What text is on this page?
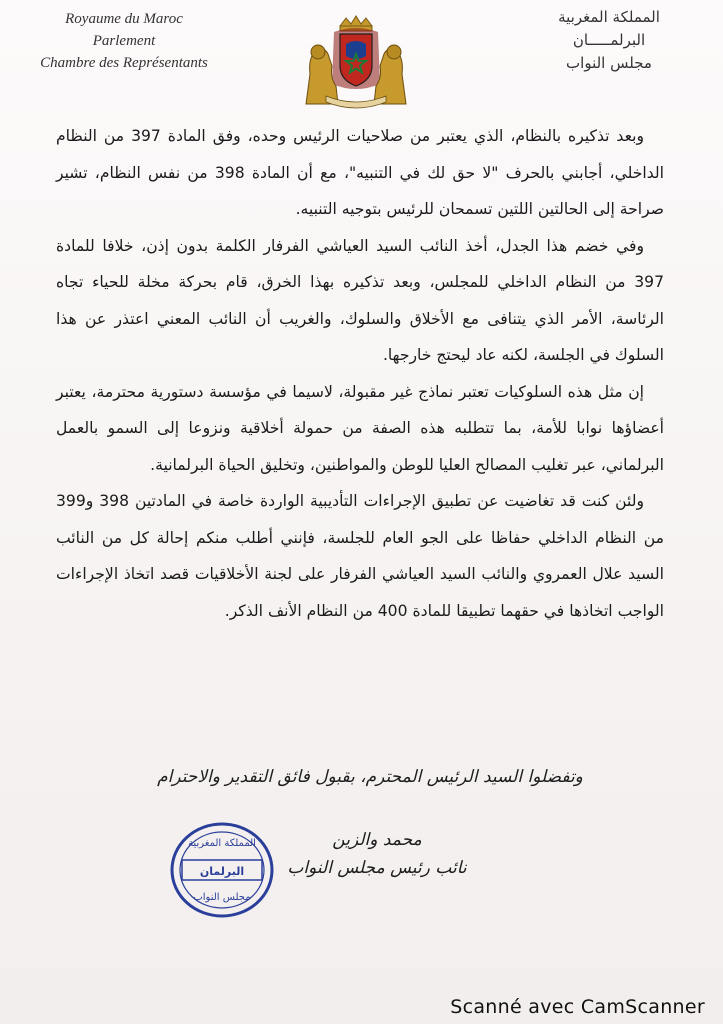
Royaume du Maroc
Parlement
Chambre des Représentants
المملكة المغربية
البرلمـــــان
مجلس النواب

وبعد تذكيره بالنظام، الذي يعتبر من صلاحيات الرئيس وحده، وفق المادة 397 من النظام الداخلي، أجابني بالحرف "لا حق لك في التنبيه"، مع أن المادة 398 من نفس النظام، تشير صراحة إلى الحالتين اللتين تسمحان للرئيس بتوجيه التنبيه.

وفي خضم هذا الجدل، أخذ النائب السيد العياشي الفرفار الكلمة بدون إذن، خلافا للمادة 397 من النظام الداخلي للمجلس، وبعد تذكيره بهذا الخرق، قام بحركة مخلة للحياء تجاه الرئاسة، الأمر الذي يتنافى مع الأخلاق والسلوك، والغريب أن النائب المعني اعتذر عن هذا السلوك في الجلسة، لكنه عاد ليحتج خارجها.

إن مثل هذه السلوكيات تعتبر نماذج غير مقبولة، لاسيما في مؤسسة دستورية محترمة، يعتبر أعضاؤها نوابا للأمة، بما تتطلبه هذه الصفة من حمولة أخلاقية ونزوعا إلى السمو بالعمل البرلماني، عبر تغليب المصالح العليا للوطن والمواطنين، وتخليق الحياة البرلمانية.

ولئن كنت قد تغاضيت عن تطبيق الإجراءات التأديبية الواردة خاصة في المادتين 398 و399 من النظام الداخلي حفاظا على الجو العام للجلسة، فإنني أطلب منكم إحالة كل من النائب السيد علال العمروي والنائب السيد العياشي الفرفار على لجنة الأخلاقيات قصد اتخاذ الإجراءات الواجب اتخاذها في حقهما تطبيقا للمادة 400 من النظام الأنف الذكر.

وتفضلوا السيد الرئيس المحترم، بقبول فائق التقدير والاحترام
محمد والزين
نائب رئيس مجلس النواب
المملكة المغربية
البرلمان
مجلس النواب
Scanné avec CamScanner
